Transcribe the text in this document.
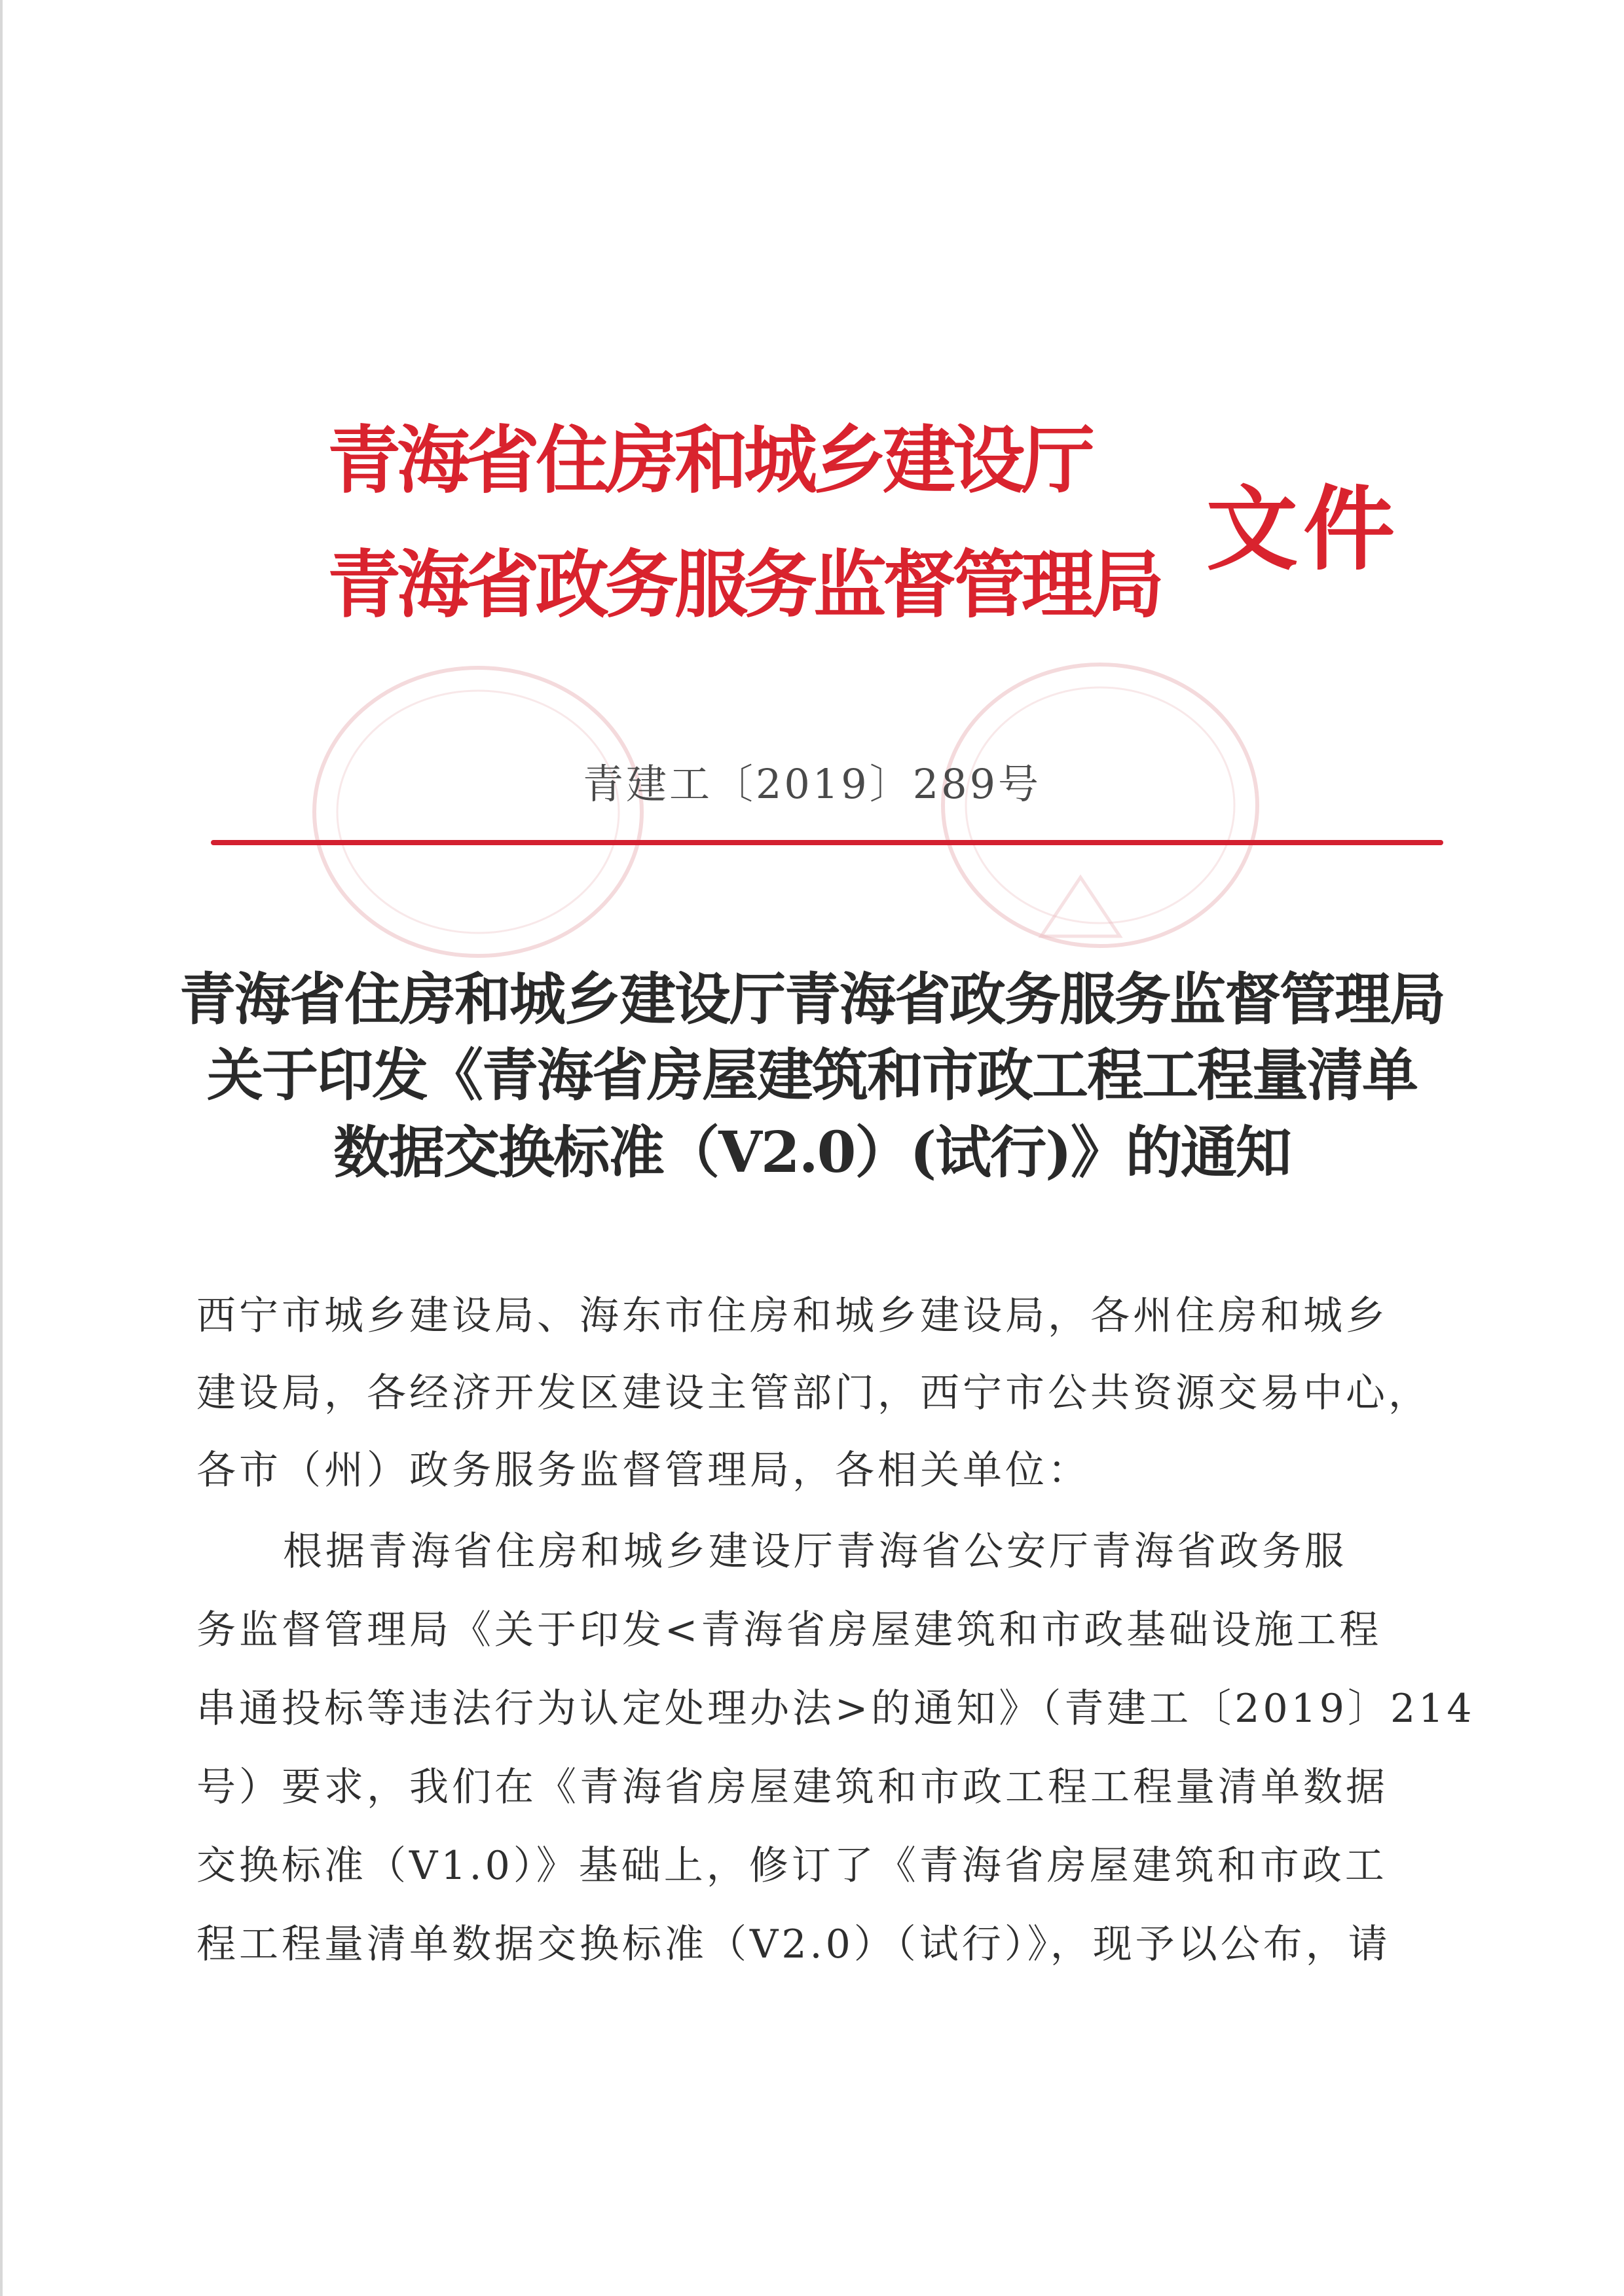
青海省住房和城乡建设厅
青海省政务服务监督管理局
文件
青建工〔2019〕289号
青海省住房和城乡建设厅青海省政务服务监督管理局
关于印发《青海省房屋建筑和市政工程工程量清单
数据交换标准（V2.0）(试行)》的通知
西宁市城乡建设局、海东市住房和城乡建设局，各州住房和城乡
建设局，各经济开发区建设主管部门，西宁市公共资源交易中心，
各市（州）政务服务监督管理局，各相关单位：
根据青海省住房和城乡建设厅青海省公安厅青海省政务服
务监督管理局《关于印发<青海省房屋建筑和市政基础设施工程
串通投标等违法行为认定处理办法>的通知》（青建工〔2019〕214
号）要求，我们在《青海省房屋建筑和市政工程工程量清单数据
交换标准（V1.0）》基础上，修订了《青海省房屋建筑和市政工
程工程量清单数据交换标准（V2.0）（试行）》，现予以公布，请
